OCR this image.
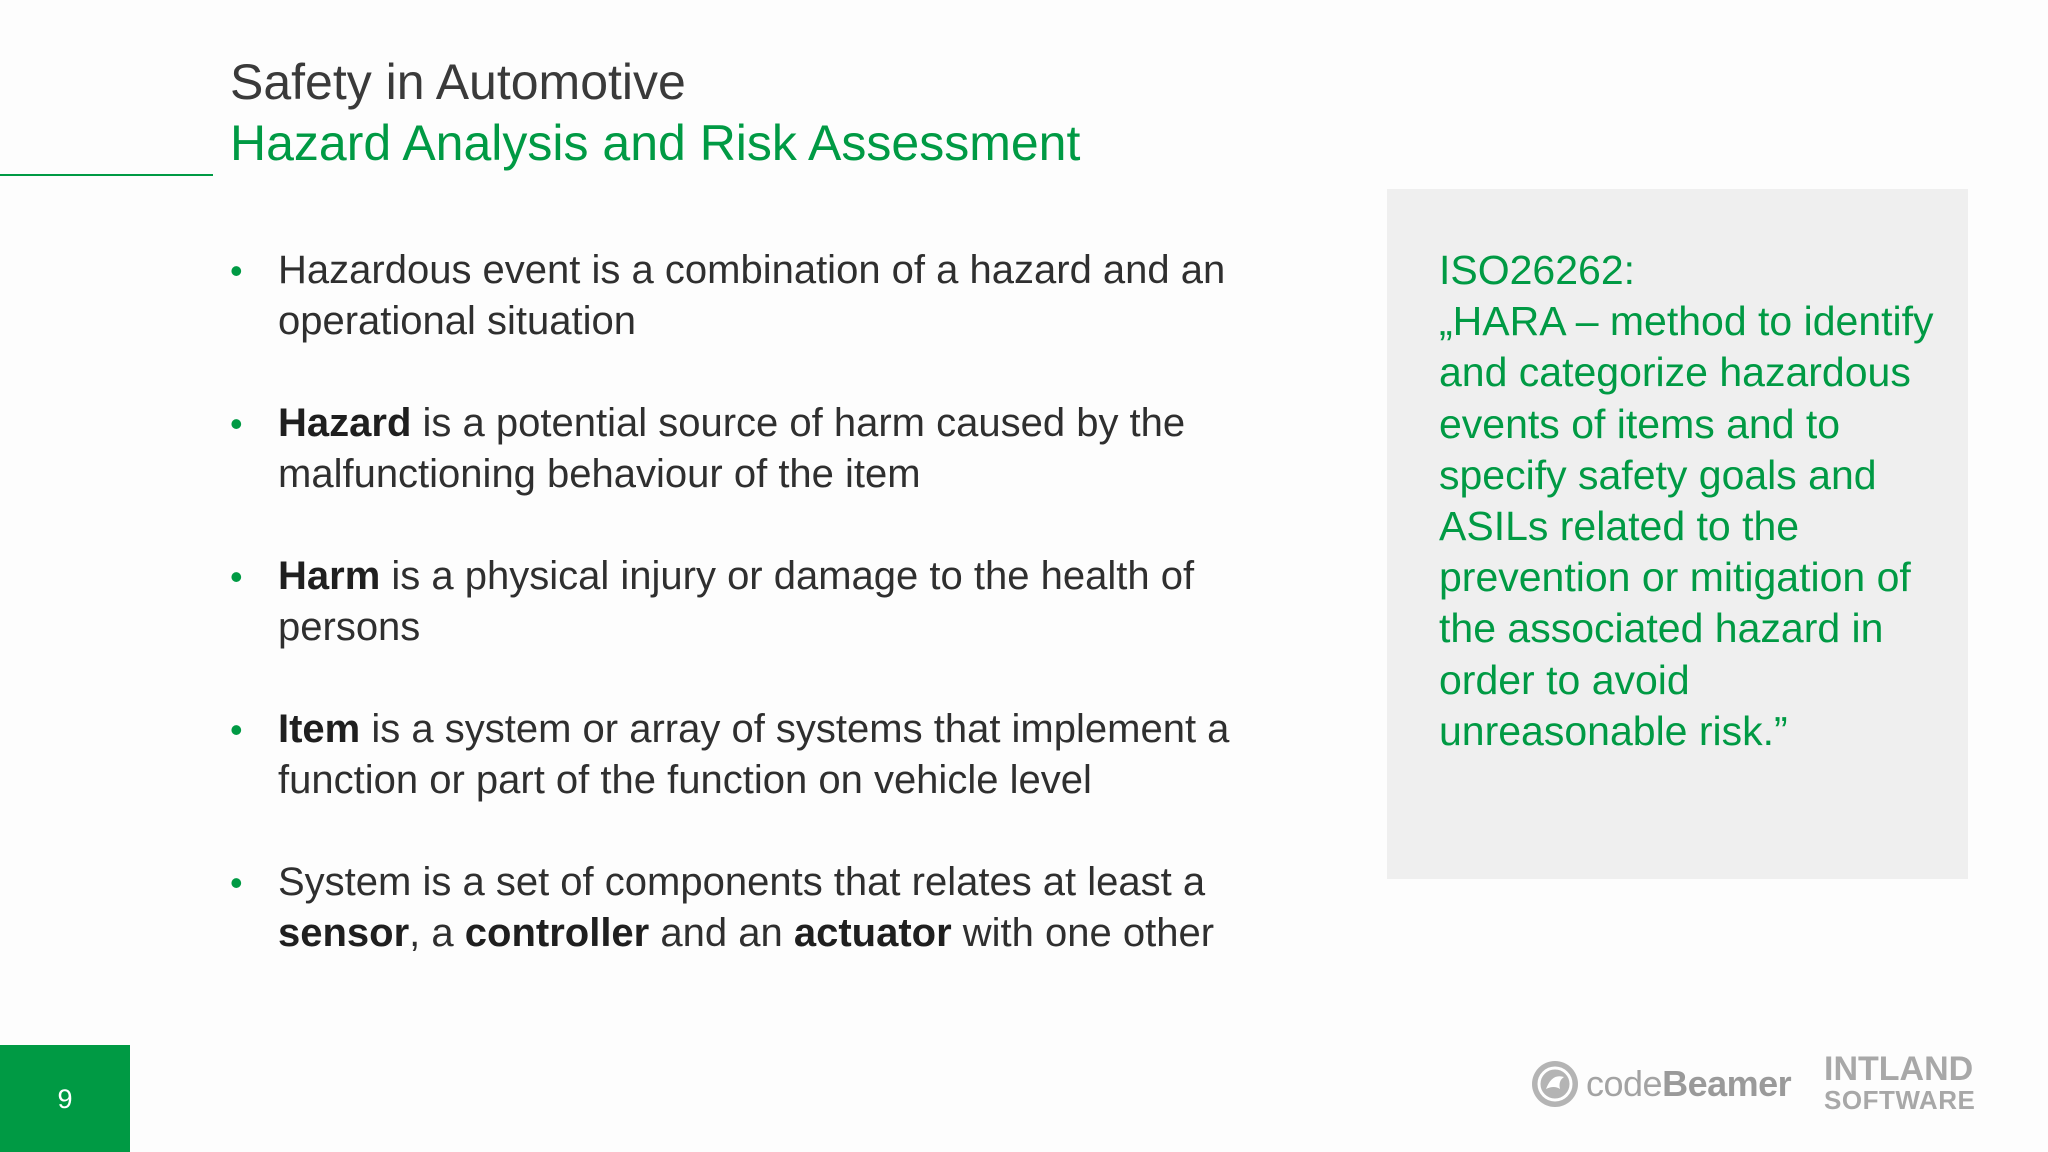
Safety in Automotive
Hazard Analysis and Risk Assessment
• Hazardous event is a combination of a hazard and an operational situation
• Hazard is a potential source of harm caused by the malfunctioning behaviour of the item
• Harm is a physical injury or damage to the health of persons
• Item is a system or array of systems that implement a function or part of the function on vehicle level
• System is a set of components that relates at least a sensor, a controller and an actuator with one other
ISO26262:
„HARA – method to identify and categorize hazardous events of items and to specify safety goals and ASILs related to the prevention or mitigation of the associated hazard in order to avoid unreasonable risk.”
9	codeBeamer INTLAND
SOFTWARE
